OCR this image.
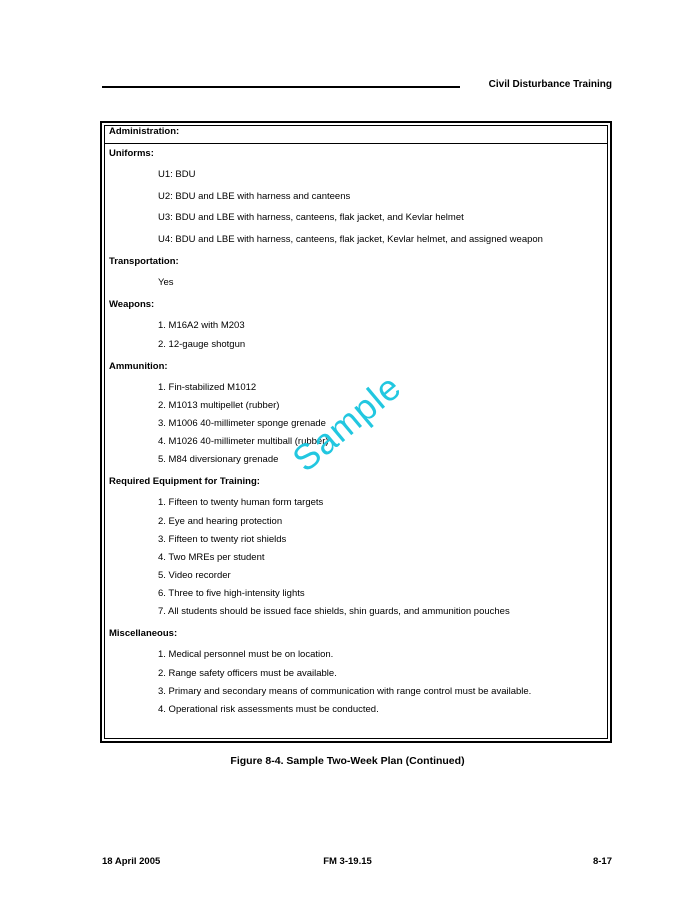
Civil Disturbance Training
Administration:
Uniforms:
U1: BDU
U2: BDU and LBE with harness and canteens
U3: BDU and LBE with harness, canteens, flak jacket, and Kevlar helmet
U4: BDU and LBE with harness, canteens, flak jacket, Kevlar helmet, and assigned weapon
Transportation:
Yes
Weapons:
1. M16A2 with M203
2. 12-gauge shotgun
Ammunition:
1. Fin-stabilized M1012
2. M1013 multipellet (rubber)
3. M1006 40-millimeter sponge grenade
4. M1026 40-millimeter multiball (rubber)
5. M84 diversionary grenade
Required Equipment for Training:
1. Fifteen to twenty human form targets
2. Eye and hearing protection
3. Fifteen to twenty riot shields
4. Two MREs per student
5. Video recorder
6. Three to five high-intensity lights
7. All students should be issued face shields, shin guards, and ammunition pouches
Miscellaneous:
1. Medical personnel must be on location.
2. Range safety officers must be available.
3. Primary and secondary means of communication with range control must be available.
4. Operational risk assessments must be conducted.
Sample
Figure 8-4. Sample Two-Week Plan (Continued)
18 April 2005	FM 3-19.15	8-17
